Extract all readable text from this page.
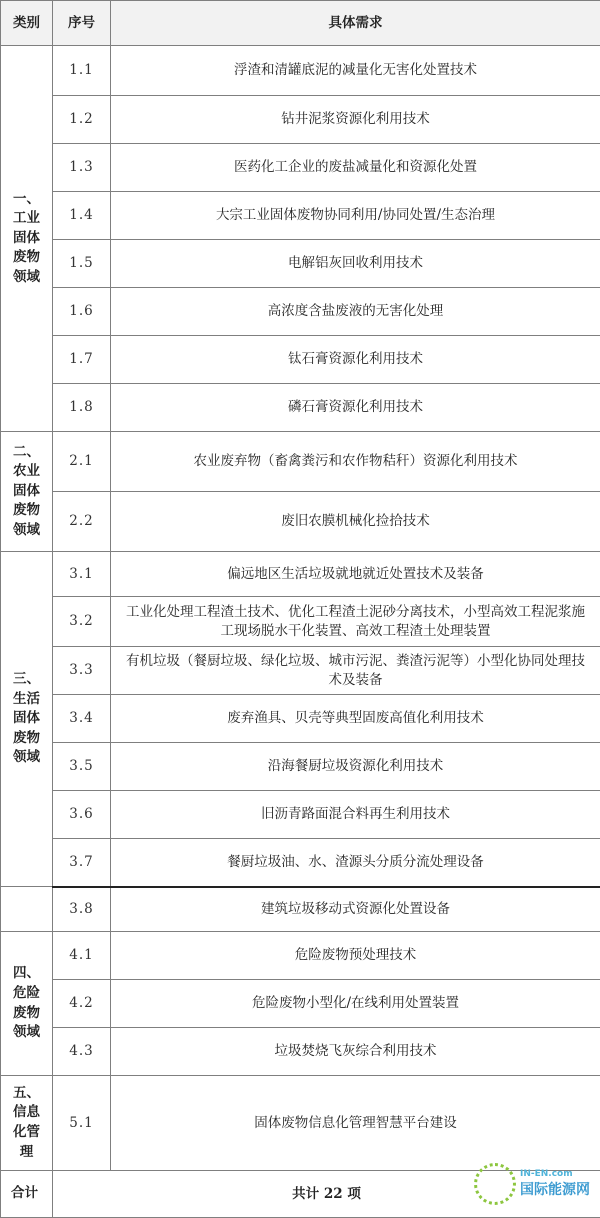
类别	序号	具体需求

一、
工业
固体
废物
领域	1.1	浮渣和清罐底泥的减量化无害化处置技术
	1.2	钻井泥浆资源化利用技术
	1.3	医药化工企业的废盐减量化和资源化处置
	1.4	大宗工业固体废物协同利用/协同处置/生态治理
	1.5	电解铝灰回收利用技术
	1.6	高浓度含盐废液的无害化处理
	1.7	钛石膏资源化利用技术
	1.8	磷石膏资源化利用技术

二、
农业
固体
废物
领域	2.1	农业废弃物（畜禽粪污和农作物秸秆）资源化利用技术
	2.2	废旧农膜机械化捡拾技术

三、
生活
固体
废物
领域	3.1	偏远地区生活垃圾就地就近处置技术及装备
	3.2	工业化处理工程渣土技术、优化工程渣土泥砂分离技术，小型高效工程泥浆施工现场脱水干化装置、高效工程渣土处理装置
	3.3	有机垃圾（餐厨垃圾、绿化垃圾、城市污泥、粪渣污泥等）小型化协同处理技术及装备
	3.4	废弃渔具、贝壳等典型固废高值化利用技术
	3.5	沿海餐厨垃圾资源化利用技术
	3.6	旧沥青路面混合料再生利用技术
	3.7	餐厨垃圾油、水、渣源头分质分流处理设备
	3.8	建筑垃圾移动式资源化处置设备

四、
危险
废物
领域	4.1	危险废物预处理技术
	4.2	危险废物小型化/在线利用处置装置
	4.3	垃圾焚烧飞灰综合利用技术

五、
信息
化管
理	5.1	固体废物信息化管理智慧平台建设
合计	共计 22 项	
IN-EN.com
国际能源网
